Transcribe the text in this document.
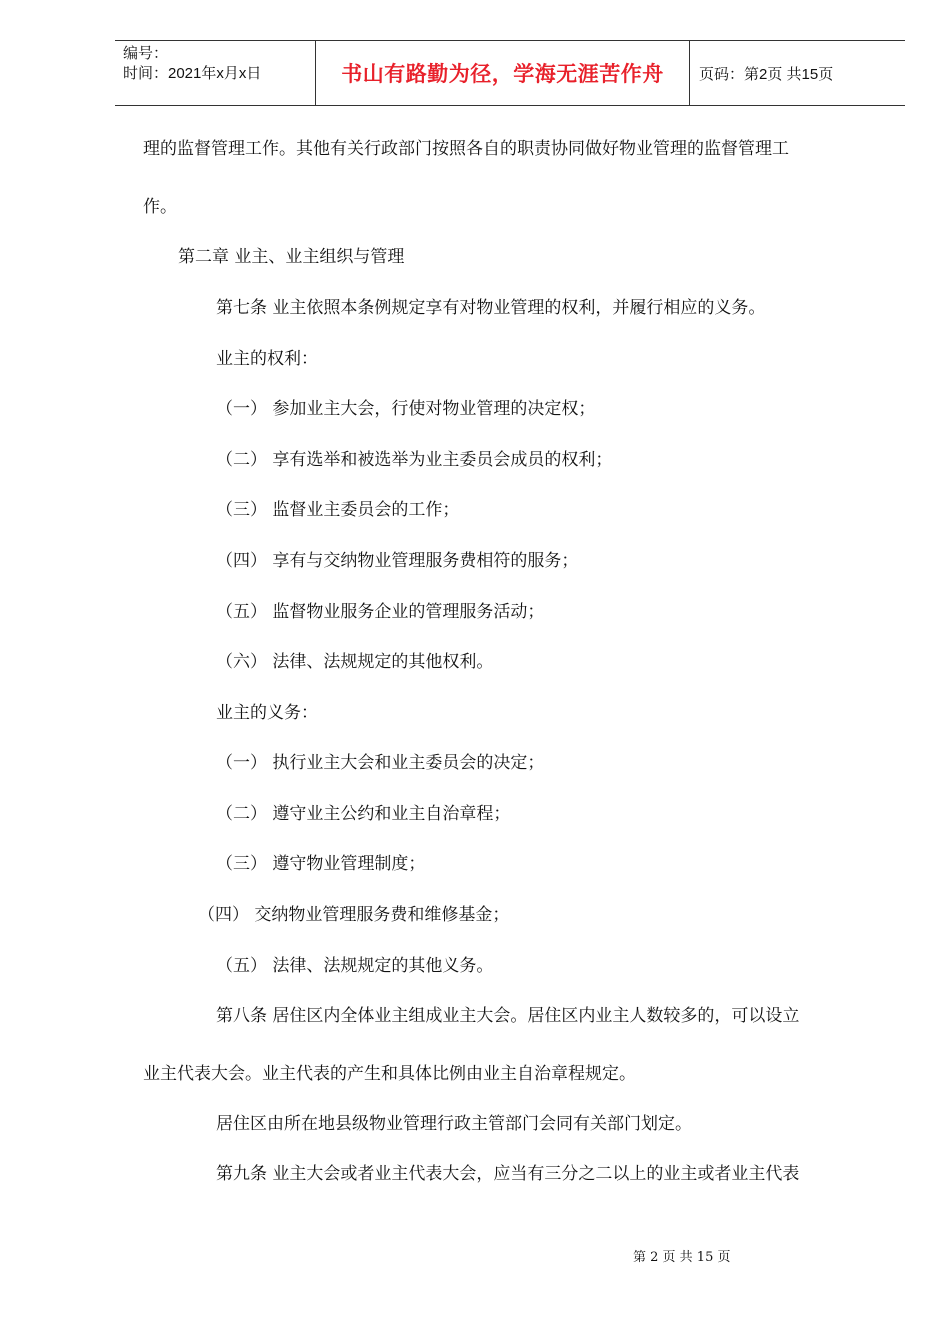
编号：
时间：2021年x月x日	书山有路勤为径，学海无涯苦作舟 页码：第2页 共15页
理的监督管理工作。其他有关行政部门按照各自的职责协同做好物业管理的监督管理工
作。
第二章 业主、业主组织与管理
第七条 业主依照本条例规定享有对物业管理的权利，并履行相应的义务。
业主的权利：
（一） 参加业主大会，行使对物业管理的决定权；
（二） 享有选举和被选举为业主委员会成员的权利；
（三） 监督业主委员会的工作；
（四） 享有与交纳物业管理服务费相符的服务；
（五） 监督物业服务企业的管理服务活动；
（六） 法律、法规规定的其他权利。
业主的义务：
（一） 执行业主大会和业主委员会的决定；
（二） 遵守业主公约和业主自治章程；
（三） 遵守物业管理制度；
（四） 交纳物业管理服务费和维修基金；
（五） 法律、法规规定的其他义务。
第八条 居住区内全体业主组成业主大会。居住区内业主人数较多的，可以设立
业主代表大会。业主代表的产生和具体比例由业主自治章程规定。
居住区由所在地县级物业管理行政主管部门会同有关部门划定。
第九条 业主大会或者业主代表大会，应当有三分之二以上的业主或者业主代表
第 2 页 共 15 页
